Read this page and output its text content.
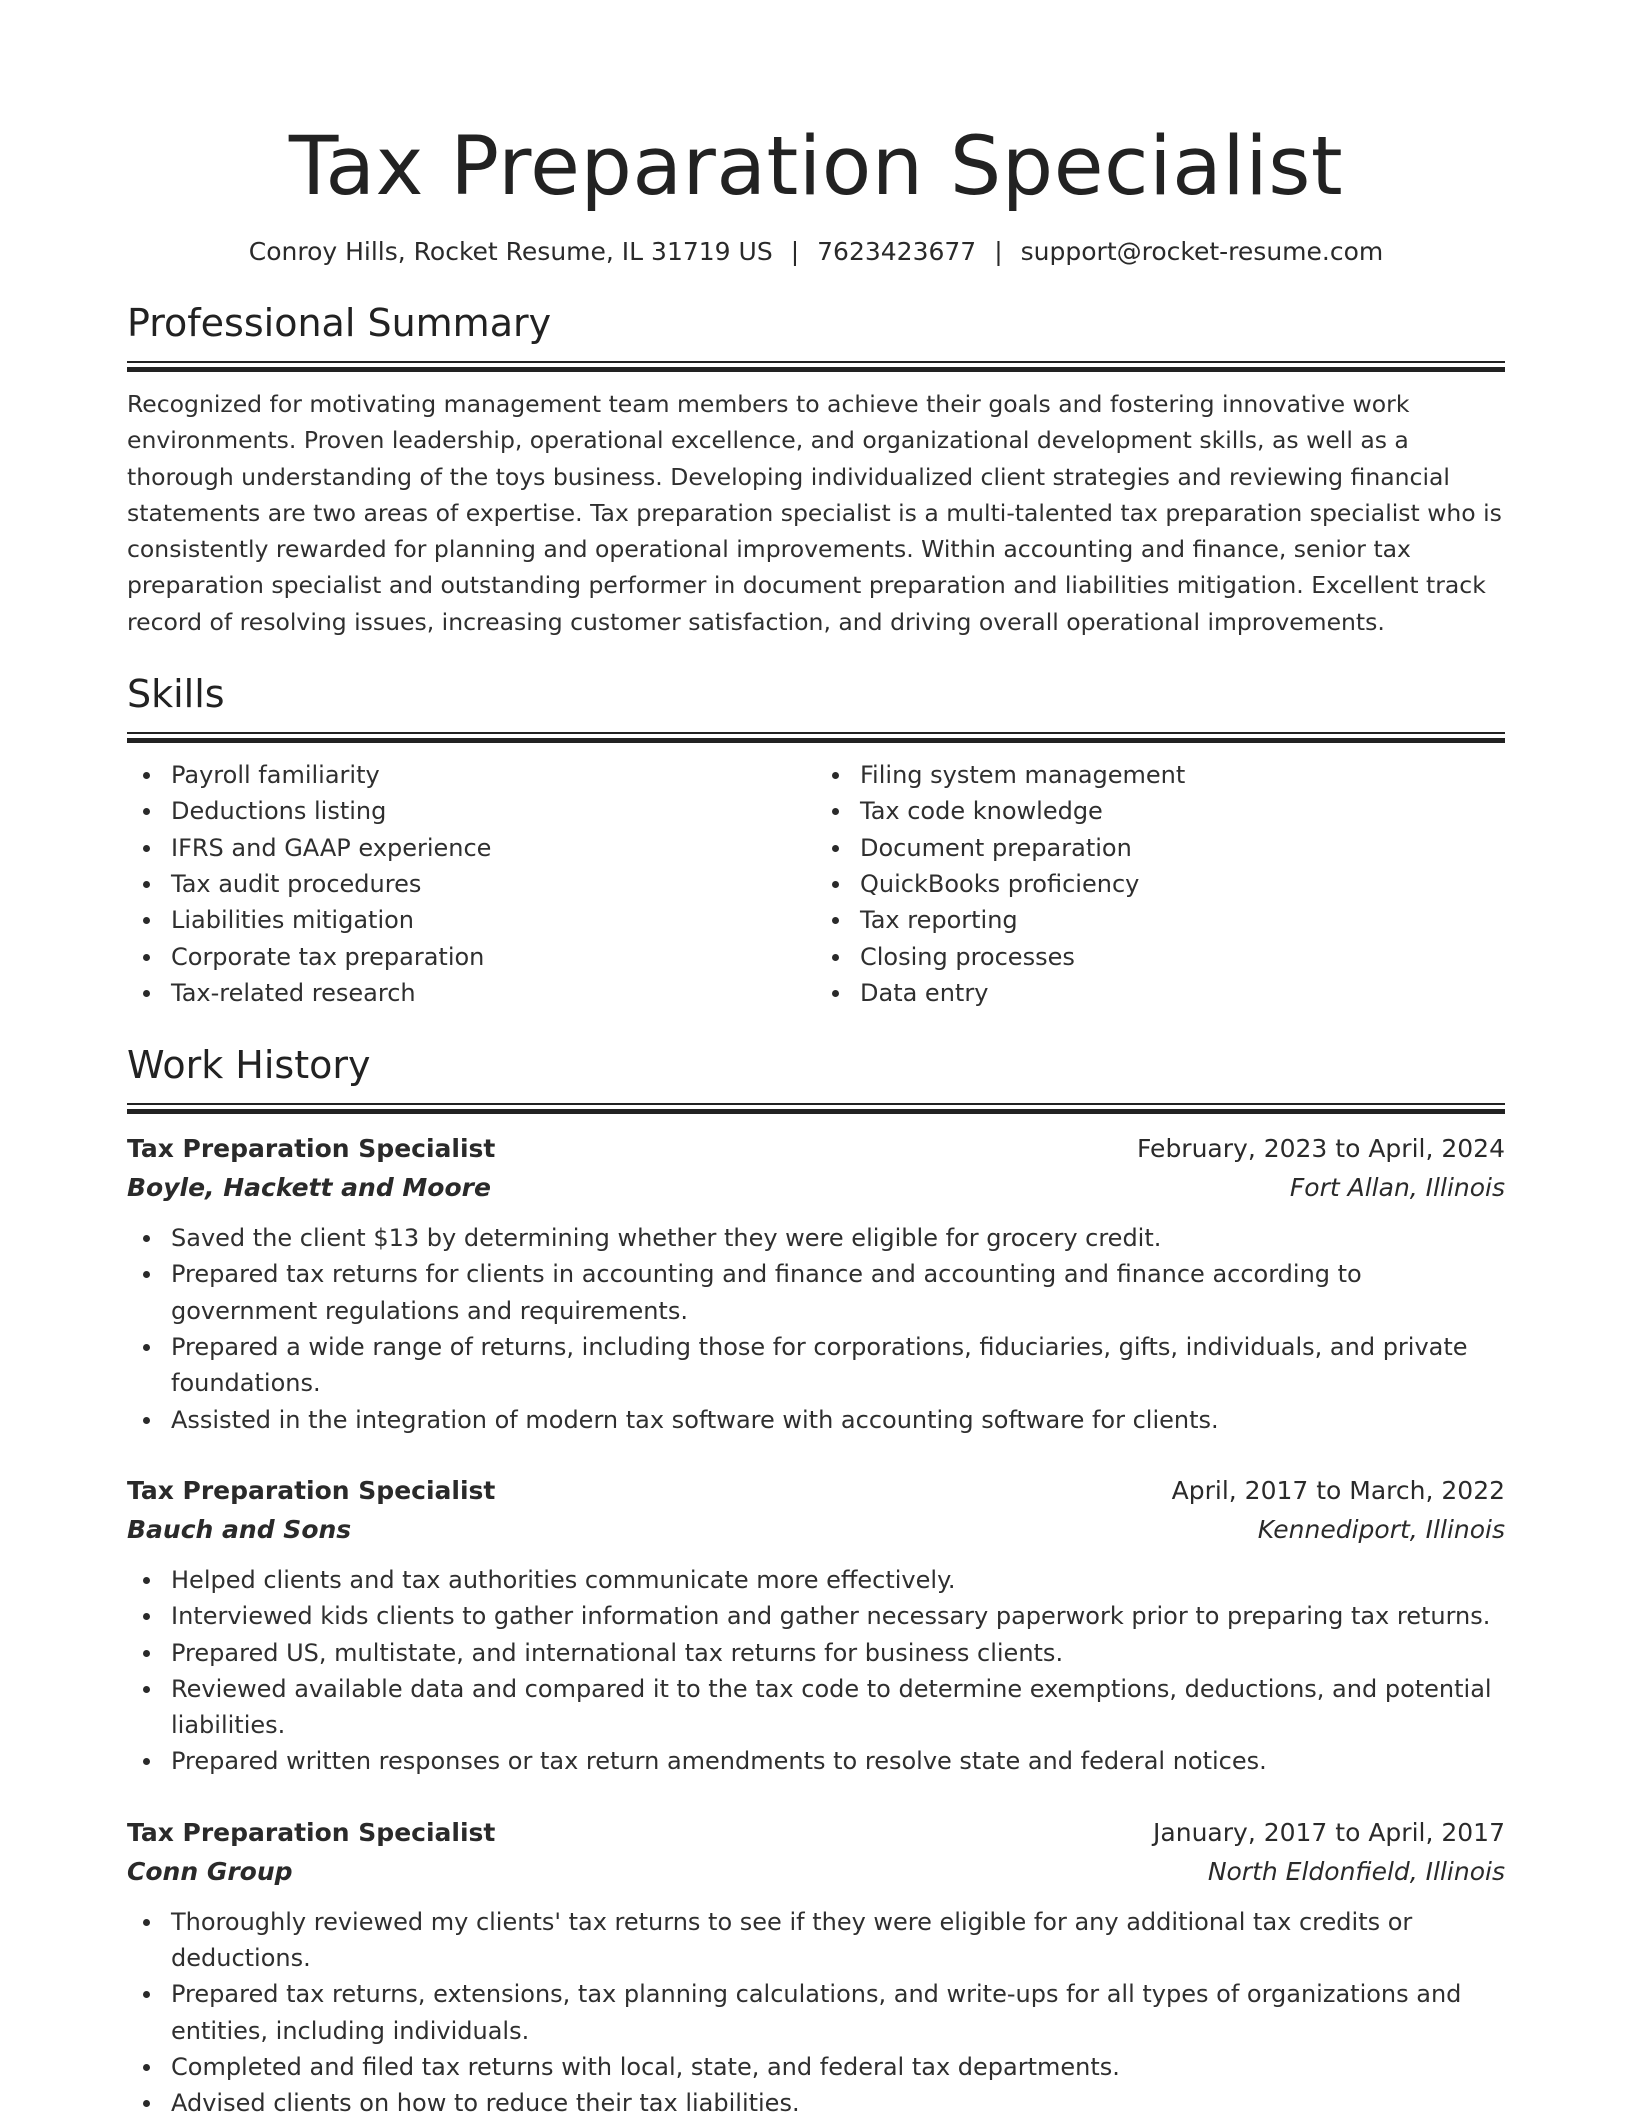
Tax Preparation Specialist
Conroy Hills, Rocket Resume, IL 31719 US | 7623423677 | support@rocket-resume.com
Professional Summary

Recognized for motivating management team members to achieve their goals and fostering innovative work environments. Proven leadership, operational excellence, and organizational development skills, as well as a thorough understanding of the toys business. Developing individualized client strategies and reviewing financial statements are two areas of expertise. Tax preparation specialist is a multi-talented tax preparation specialist who is consistently rewarded for planning and operational improvements. Within accounting and finance, senior tax preparation specialist and outstanding performer in document preparation and liabilities mitigation. Excellent track record of resolving issues, increasing customer satisfaction, and driving overall operational improvements.

Skills
Payroll familiarity
Deductions listing
IFRS and GAAP experience
Tax audit procedures
Liabilities mitigation
Corporate tax preparation
Tax-related research
Filing system management
Tax code knowledge
Document preparation
QuickBooks proficiency
Tax reporting
Closing processes
Data entry
Work History
Tax Preparation Specialist	February, 2023 to April, 2024
Boyle, Hackett and Moore	Fort Allan, Illinois
Saved the client $13 by determining whether they were eligible for grocery credit.
Prepared tax returns for clients in accounting and finance and accounting and finance according to government regulations and requirements.
Prepared a wide range of returns, including those for corporations, fiduciaries, gifts, individuals, and private foundations.
Assisted in the integration of modern tax software with accounting software for clients.
Tax Preparation Specialist	April, 2017 to March, 2022
Bauch and Sons	Kennediport, Illinois
Helped clients and tax authorities communicate more effectively.
Interviewed kids clients to gather information and gather necessary paperwork prior to preparing tax returns.
Prepared US, multistate, and international tax returns for business clients.
Reviewed available data and compared it to the tax code to determine exemptions, deductions, and potential liabilities.
Prepared written responses or tax return amendments to resolve state and federal notices.
Tax Preparation Specialist	January, 2017 to April, 2017
Conn Group	North Eldonfield, Illinois
Thoroughly reviewed my clients' tax returns to see if they were eligible for any additional tax credits or deductions.
Prepared tax returns, extensions, tax planning calculations, and write-ups for all types of organizations and entities, including individuals.
Completed and filed tax returns with local, state, and federal tax departments.
Advised clients on how to reduce their tax liabilities.
